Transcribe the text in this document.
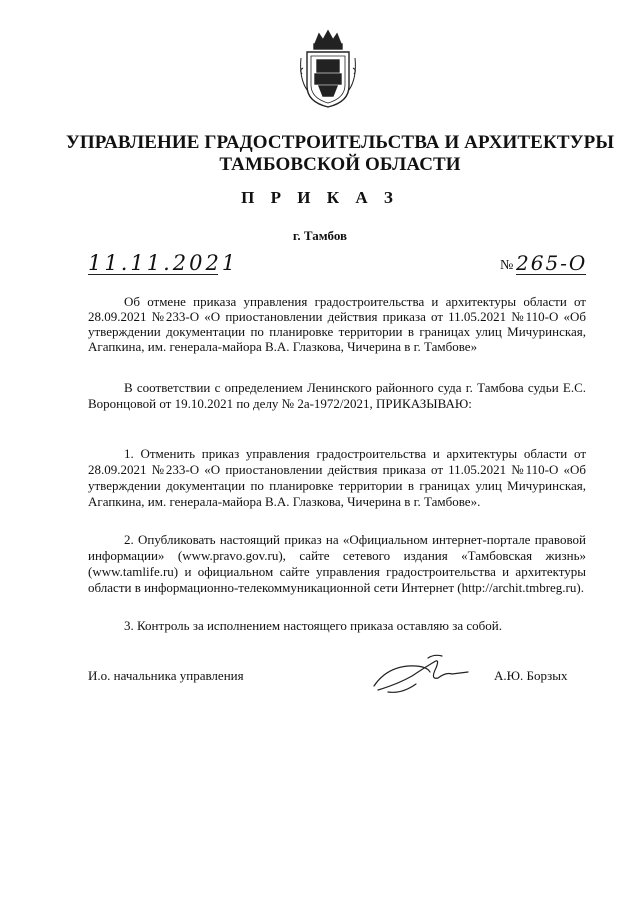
УПРАВЛЕНИЕ ГРАДОСТРОИТЕЛЬСТВА И АРХИТЕКТУРЫ
ТАМБОВСКОЙ ОБЛАСТИ
П Р И К А З
г. Тамбов
11.11.2021	№ 265-О
Об отмене приказа управления градостроительства и архитектуры области от 28.09.2021 №233-О «О приостановлении действия приказа от 11.05.2021 №110-О «Об утверждении документации по планировке территории в границах улиц Мичуринская, Агапкина, им. генерала-майора В.А. Глазкова, Чичерина в г. Тамбове»
В соответствии с определением Ленинского районного суда г. Тамбова судьи Е.С. Воронцовой от 19.10.2021 по делу № 2а-1972/2021, ПРИКАЗЫВАЮ:
1. Отменить приказ управления градостроительства и архитектуры области от 28.09.2021 №233-О «О приостановлении действия приказа от 11.05.2021 №110-О «Об утверждении документации по планировке территории в границах улиц Мичуринская, Агапкина, им. генерала-майора В.А. Глазкова, Чичерина в г. Тамбове».
2. Опубликовать настоящий приказ на «Официальном интернет-портале правовой информации» (www.pravo.gov.ru), сайте сетевого издания «Тамбовская жизнь» (www.tamlife.ru) и официальном сайте управления градостроительства и архитектуры области в информационно-телекоммуникационной сети Интернет (http://archit.tmbreg.ru).
3. Контроль за исполнением настоящего приказа оставляю за собой.
И.о. начальника управления	А.Ю. Борзых
